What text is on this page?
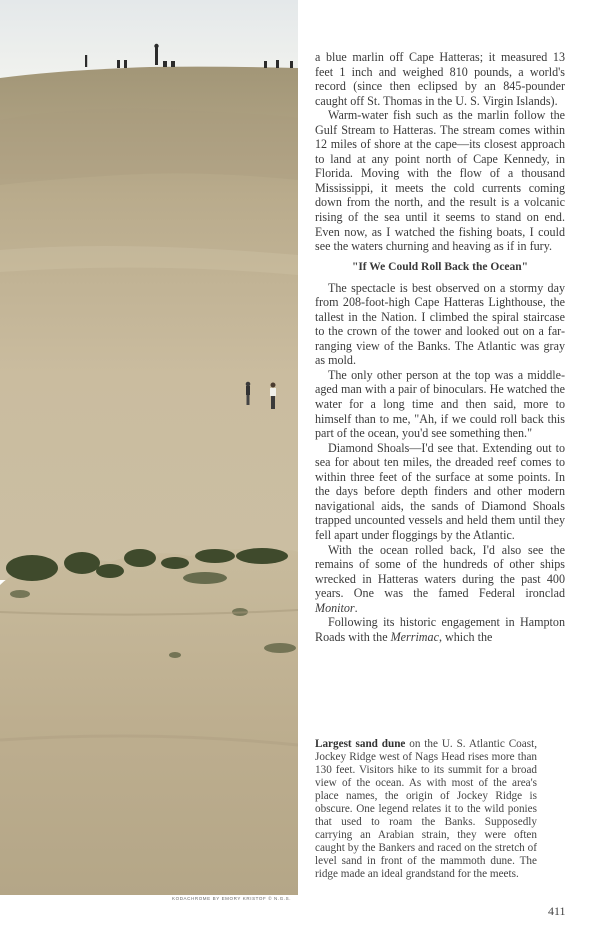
KODACHROME BY EMORY KRISTOF © N.G.S.

a blue marlin off Cape Hatteras; it measured 13 feet 1 inch and weighed 810 pounds, a world's record (since then eclipsed by an 845-pounder caught off St. Thomas in the U. S. Virgin Islands).

Warm-water fish such as the marlin follow the Gulf Stream to Hatteras. The stream comes within 12 miles of shore at the cape—its closest approach to land at any point north of Cape Kennedy, in Florida. Moving with the flow of a thousand Mississippi, it meets the cold currents coming down from the north, and the result is a volcanic rising of the sea until it seems to stand on end. Even now, as I watched the fishing boats, I could see the waters churning and heaving as if in fury.

"If We Could Roll Back the Ocean"

The spectacle is best observed on a stormy day from 208-foot-high Cape Hatteras Lighthouse, the tallest in the Nation. I climbed the spiral staircase to the crown of the tower and looked out on a far-ranging view of the Banks. The Atlantic was gray as mold.

The only other person at the top was a middle-aged man with a pair of binoculars. He watched the water for a long time and then said, more to himself than to me, "Ah, if we could roll back this part of the ocean, you'd see something then."

Diamond Shoals—I'd see that. Extending out to sea for about ten miles, the dreaded reef comes to within three feet of the surface at some points. In the days before depth finders and other modern navigational aids, the sands of Diamond Shoals trapped uncounted vessels and held them until they fell apart under floggings by the Atlantic.

With the ocean rolled back, I'd also see the remains of some of the hundreds of other ships wrecked in Hatteras waters during the past 400 years. One was the famed Federal ironclad Monitor.

Following its historic engagement in Hampton Roads with the Merrimac, which the

Largest sand dune on the U. S. Atlantic Coast, Jockey Ridge west of Nags Head rises more than 130 feet. Visitors hike to its summit for a broad view of the ocean. As with most of the area's place names, the origin of Jockey Ridge is obscure. One legend relates it to the wild ponies that used to roam the Banks. Supposedly carrying an Arabian strain, they were often caught by the Bankers and raced on the stretch of level sand in front of the mammoth dune. The ridge made an ideal grandstand for the meets.
411
